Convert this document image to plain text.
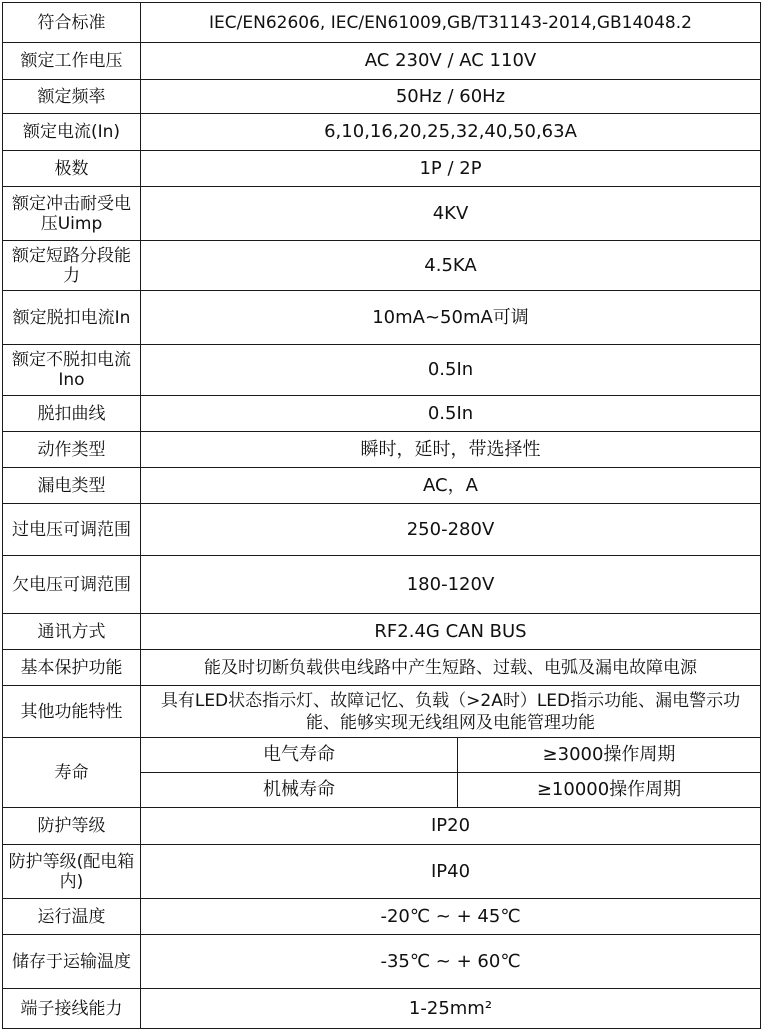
符合标准	IEC/EN62606, IEC/EN61009,GB/T31143-2014,GB14048.2	
额定工作电压	AC 230V / AC 110V	
额定频率	50Hz / 60Hz	
额定电流(In)	6,10,16,20,25,32,40,50,63A	
极数	1P / 2P	
额定冲击耐受电压Uimp	4KV	
额定短路分段能力	4.5KA	
额定脱扣电流In	10mA~50mA可调	
额定不脱扣电流Ino	0.5In	
脱扣曲线	0.5In	
动作类型	瞬时，延时，带选择性	
漏电类型	AC，A	
过电压可调范围	250-280V	
欠电压可调范围	180-120V	
通讯方式	RF2.4G CAN BUS	
基本保护功能	能及时切断负载供电线路中产生短路、过载、电弧及漏电故障电源	
其他功能特性	具有LED状态指示灯、故障记忆、负载（>2A时）LED指示功能、漏电警示功能、能够实现无线组网及电能管理功能	
寿命	电气寿命	≥3000操作周期
	机械寿命	≥10000操作周期
防护等级	IP20	
防护等级(配电箱内)	IP40	
运行温度	-20℃ ~ + 45℃	
储存于运输温度	-35℃ ~ + 60℃	
端子接线能力	1-25mm²	
